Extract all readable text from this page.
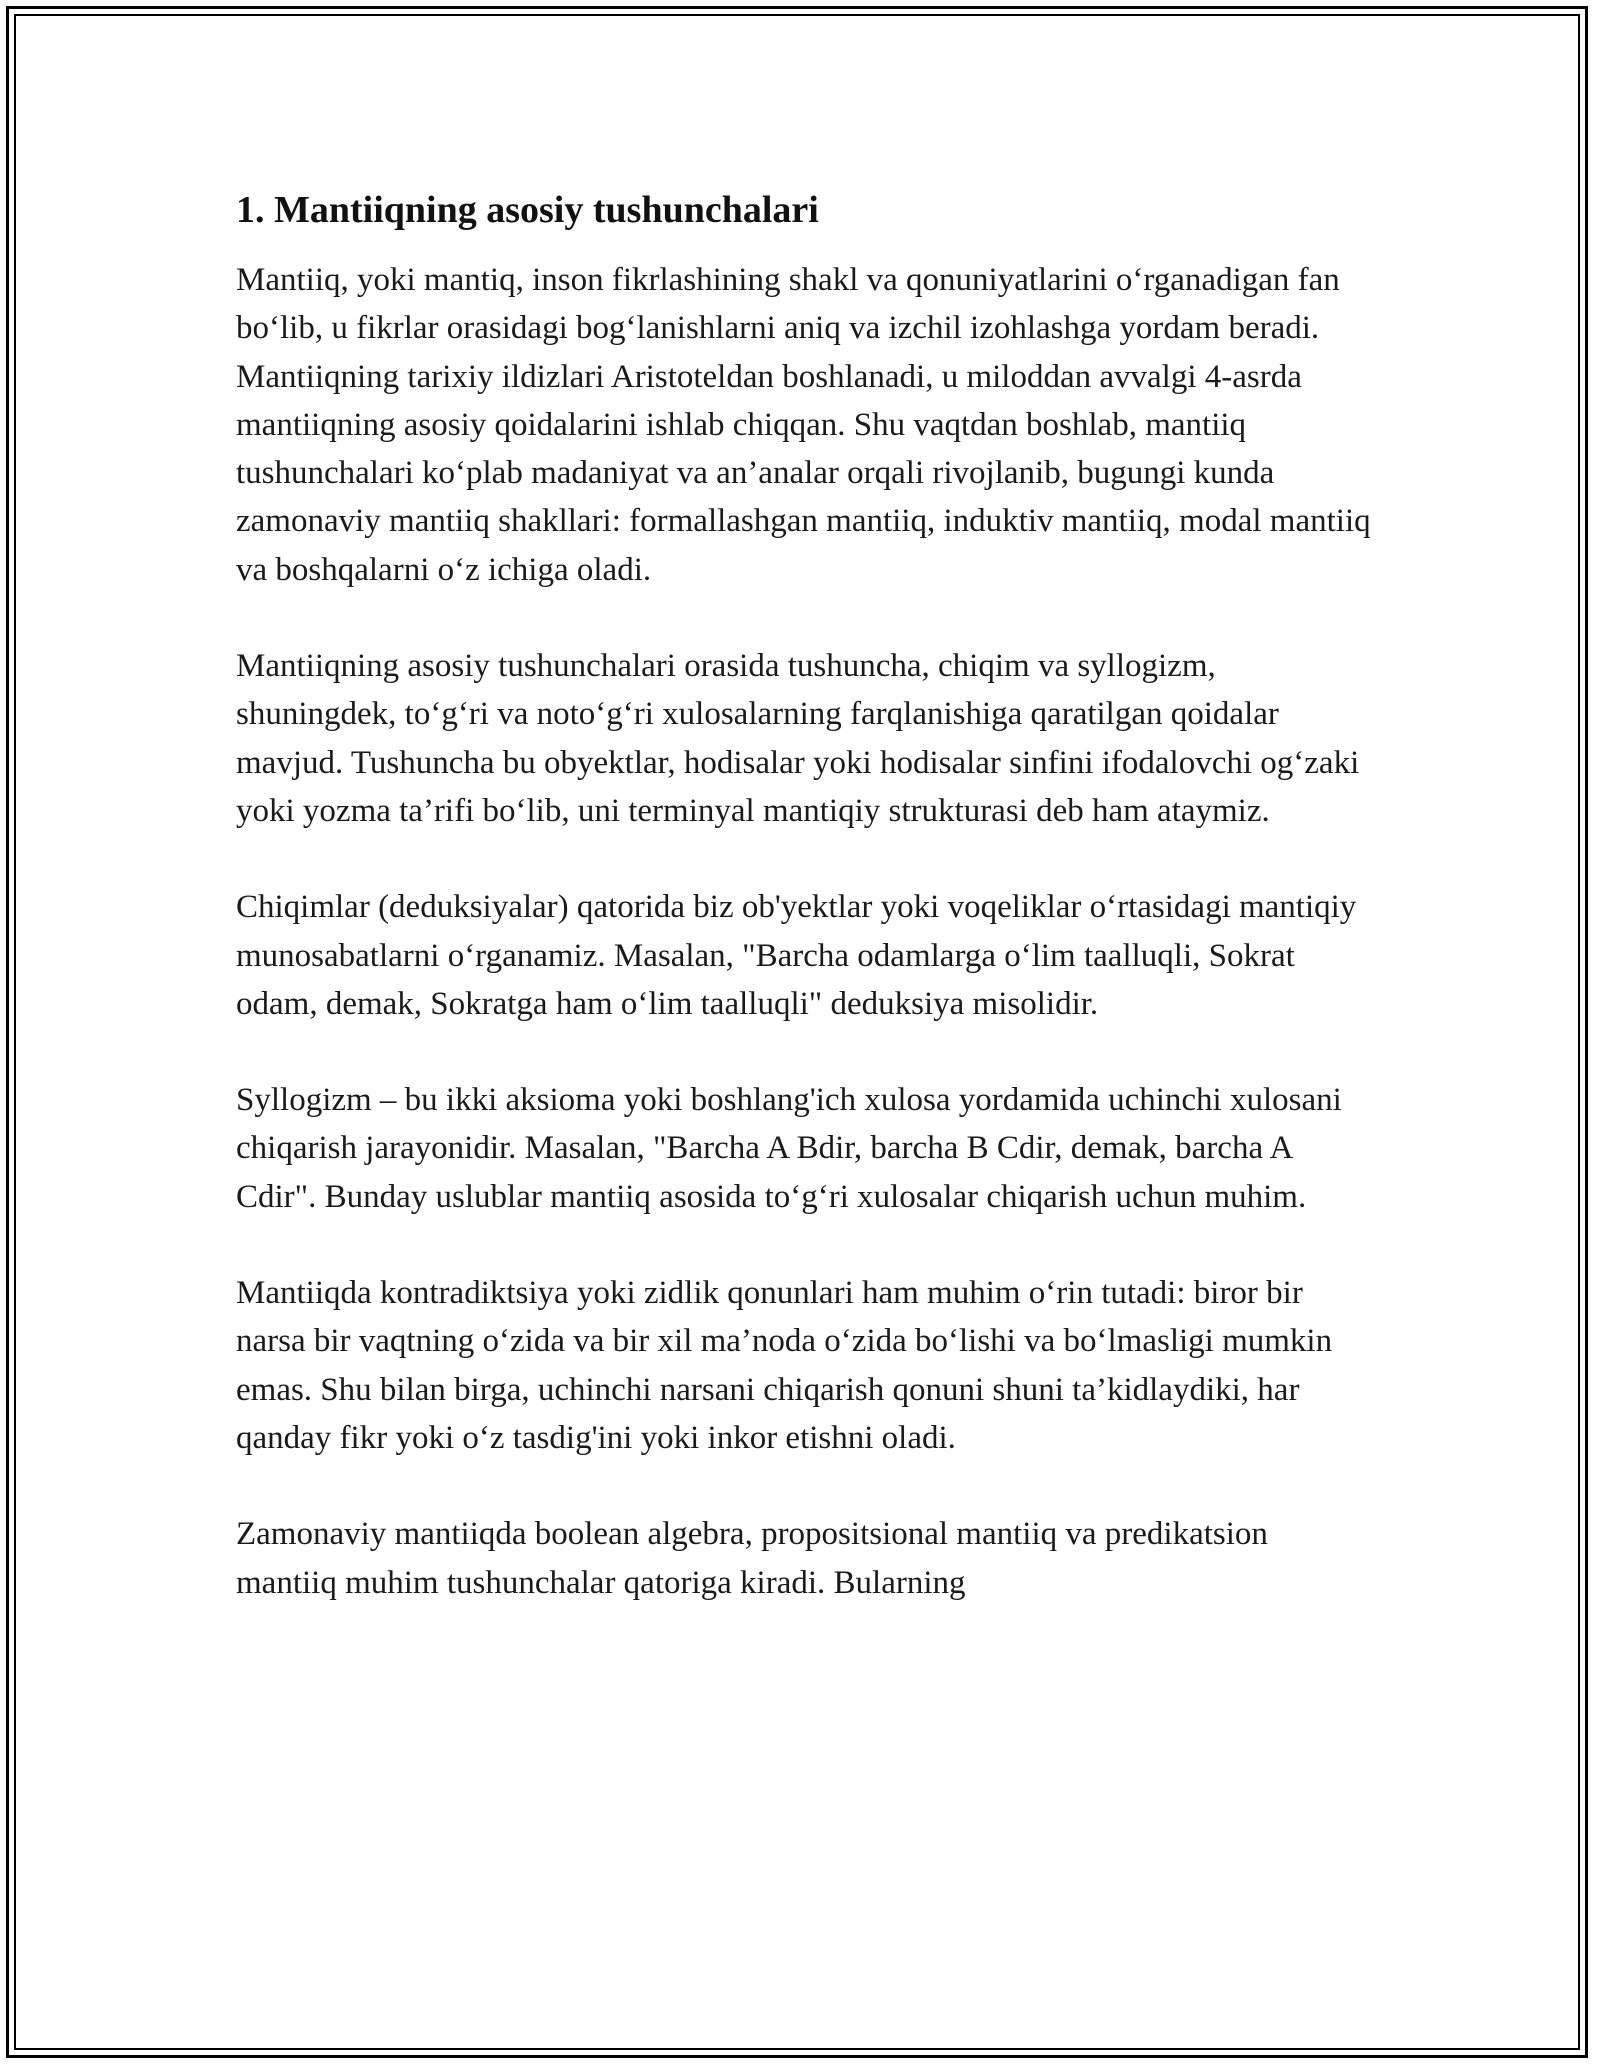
1. Mantiiqning asosiy tushunchalari

Mantiiq, yoki mantiq, inson fikrlashining shakl va qonuniyatlarini oʻrganadigan fan boʻlib, u fikrlar orasidagi bogʻlanishlarni aniq va izchil izohlashga yordam beradi. Mantiiqning tarixiy ildizlari Aristoteldan boshlanadi, u miloddan avvalgi 4-asrda mantiiqning asosiy qoidalarini ishlab chiqqan. Shu vaqtdan boshlab, mantiiq tushunchalari koʻplab madaniyat va an’analar orqali rivojlanib, bugungi kunda zamonaviy mantiiq shakllari: formallashgan mantiiq, induktiv mantiiq, modal mantiiq va boshqalarni oʻz ichiga oladi.

Mantiiqning asosiy tushunchalari orasida tushuncha, chiqim va syllogizm, shuningdek, toʻgʻri va notoʻgʻri xulosalarning farqlanishiga qaratilgan qoidalar mavjud. Tushuncha bu obyektlar, hodisalar yoki hodisalar sinfini ifodalovchi ogʻzaki yoki yozma ta’rifi boʻlib, uni terminyal mantiqiy strukturasi deb ham ataymiz.

Chiqimlar (deduksiyalar) qatorida biz ob'yektlar yoki voqeliklar oʻrtasidagi mantiqiy munosabatlarni oʻrganamiz. Masalan, "Barcha odamlarga oʻlim taalluqli, Sokrat odam, demak, Sokratga ham oʻlim taalluqli" deduksiya misolidir.

Syllogizm – bu ikki aksioma yoki boshlang'ich xulosa yordamida uchinchi xulosani chiqarish jarayonidir. Masalan, "Barcha A Bdir, barcha B Cdir, demak, barcha A Cdir". Bunday uslublar mantiiq asosida toʻgʻri xulosalar chiqarish uchun muhim.

Mantiiqda kontradiktsiya yoki zidlik qonunlari ham muhim oʻrin tutadi: biror bir narsa bir vaqtning oʻzida va bir xil ma’noda oʻzida boʻlishi va boʻlmasligi mumkin emas. Shu bilan birga, uchinchi narsani chiqarish qonuni shuni ta’kidlaydiki, har qanday fikr yoki oʻz tasdig'ini yoki inkor etishni oladi.

Zamonaviy mantiiqda boolean algebra, propositsional mantiiq va predikatsion mantiiq muhim tushunchalar qatoriga kiradi. Bularning
